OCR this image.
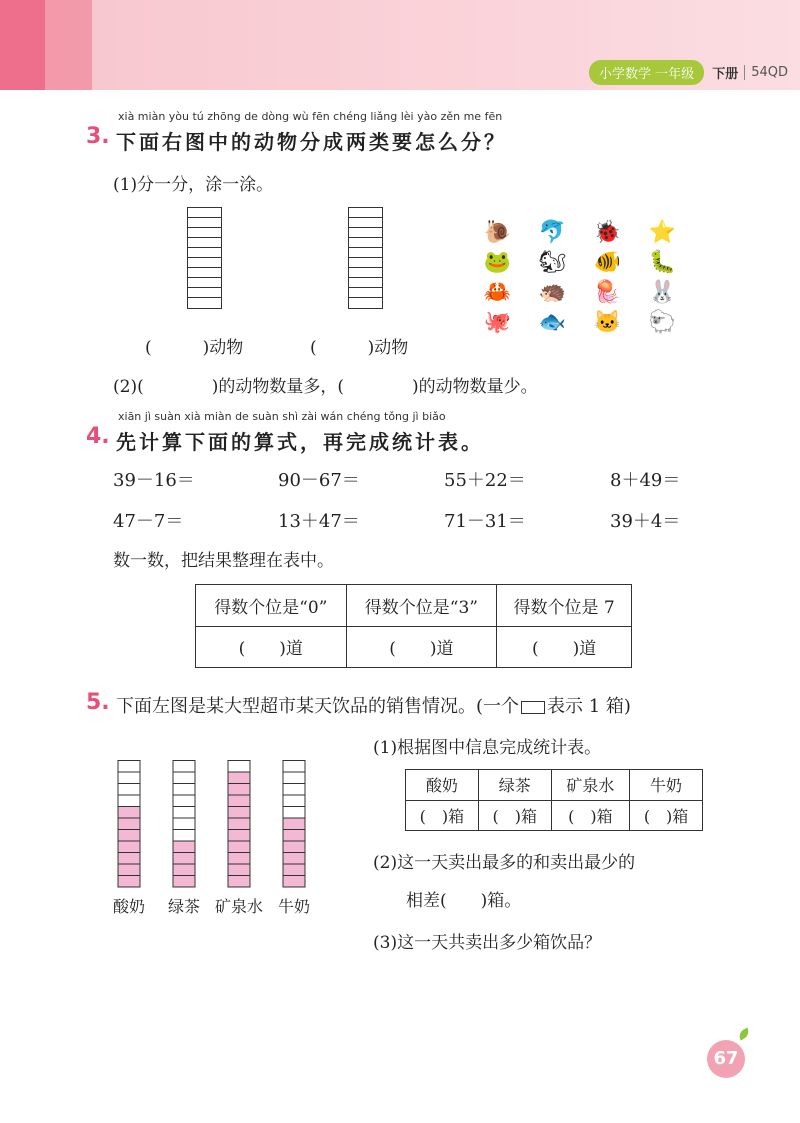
小学数学 一年级	下册	54QD
xià miàn yòu tú zhōng de dòng wù fēn chéng liǎng lèi yào zěn me fēn
3. 下面右图中的动物分成两类要怎么分？
(1)分一分，涂一涂。
🐌	🐬	🐞	⭐
🐸	🐿	🐠	🐛
🦀	🦔	🪼	🐰
🐙	🐟	🐱	🐑
(　　　)动物	(　　　)动物
(2)(　　　　)的动物数量多，(　　　　)的动物数量少。
xiān jì suàn xià miàn de suàn shì zài wán chéng tǒng jì biǎo
4. 先计算下面的算式，再完成统计表。
39－16＝	90－67＝	55＋22＝	8＋49＝
47－7＝	13＋47＝	71－31＝	39＋4＝
数一数，把结果整理在表中。
得数个位是“0”	得数个位是“3”	得数个位是 7
(　　)道	(　　)道	(　　)道
5. 下面左图是某大型超市某天饮品的销售情况。(一个 表示 1 箱)
酸奶 绿茶 矿泉水 牛奶
(1)根据图中信息完成统计表。
酸奶	绿茶	矿泉水	牛奶
(　)箱	(　)箱	(　)箱	(　)箱
(2)这一天卖出最多的和卖出最少的
相差(　　)箱。
(3)这一天共卖出多少箱饮品？
67
